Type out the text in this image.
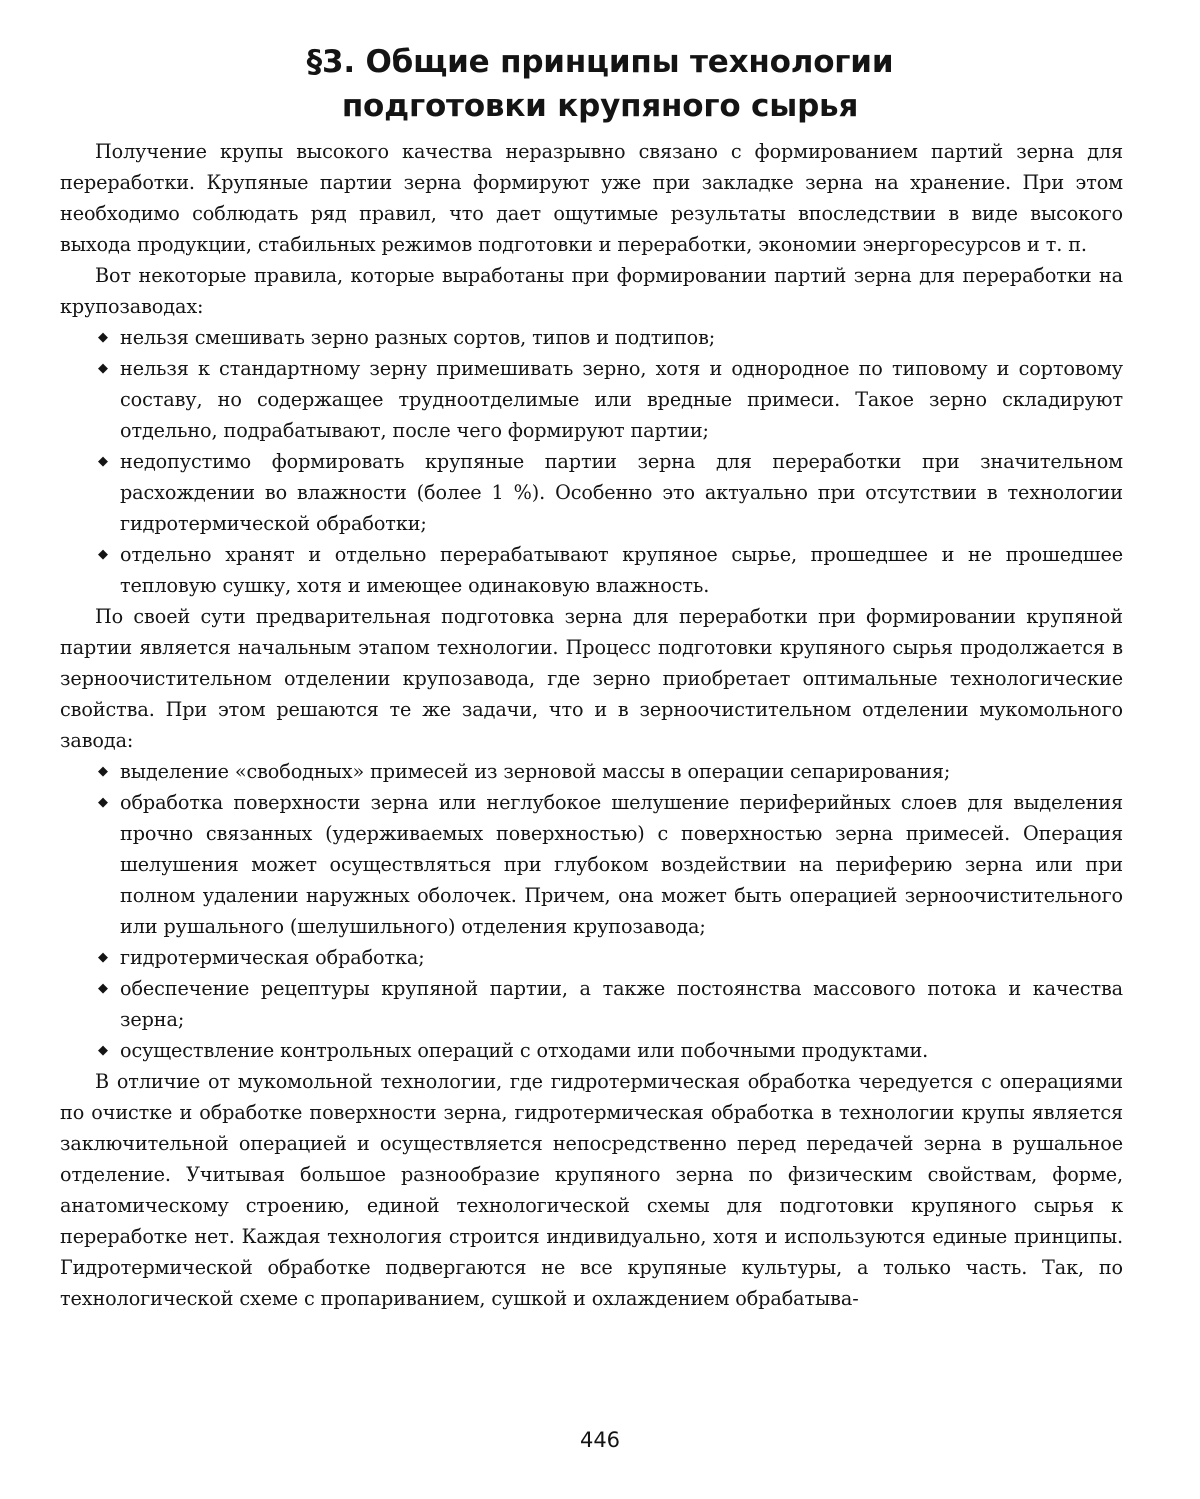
§3. Общие принципы технологии
подготовки крупяного сырья

Получение крупы высокого качества неразрывно связано с формированием партий зерна для переработки. Крупяные партии зерна формируют уже при закладке зерна на хранение. При этом необходимо соблюдать ряд правил, что дает ощутимые результаты впоследствии в виде высокого выхода продукции, стабильных режимов подготовки и переработки, экономии энергоресурсов и т. п.

Вот некоторые правила, которые выработаны при формировании партий зерна для переработки на крупозаводах:

◆ нельзя смешивать зерно разных сортов, типов и подтипов;
◆ нельзя к стандартному зерну примешивать зерно, хотя и однородное по типовому и сортовому составу, но содержащее трудноотделимые или вредные примеси. Такое зерно складируют отдельно, подрабатывают, после чего формируют партии;
◆ недопустимо формировать крупяные партии зерна для переработки при значительном расхождении во влажности (более 1 %). Особенно это актуально при отсутствии в технологии гидротермической обработки;
◆ отдельно хранят и отдельно перерабатывают крупяное сырье, прошедшее и не прошедшее тепловую сушку, хотя и имеющее одинаковую влажность.

По своей сути предварительная подготовка зерна для переработки при формировании крупяной партии является начальным этапом технологии. Процесс подготовки крупяного сырья продолжается в зерноочистительном отделении крупозавода, где зерно приобретает оптимальные технологические свойства. При этом решаются те же задачи, что и в зерноочистительном отделении мукомольного завода:

◆ выделение «свободных» примесей из зерновой массы в операции сепарирования;
◆ обработка поверхности зерна или неглубокое шелушение периферийных слоев для выделения прочно связанных (удерживаемых поверхностью) с поверхностью зерна примесей. Операция шелушения может осуществляться при глубоком воздействии на периферию зерна или при полном удалении наружных оболочек. Причем, она может быть операцией зерноочистительного или рушального (шелушильного) отделения крупозавода;
◆ гидротермическая обработка;
◆ обеспечение рецептуры крупяной партии, а также постоянства массового потока и качества зерна;
◆ осуществление контрольных операций с отходами или побочными продуктами.

В отличие от мукомольной технологии, где гидротермическая обработка чередуется с операциями по очистке и обработке поверхности зерна, гидротермическая обработка в технологии крупы является заключительной операцией и осуществляется непосредственно перед передачей зерна в рушальное отделение. Учитывая большое разнообразие крупяного зерна по физическим свойствам, форме, анатомическому строению, единой технологической схемы для подготовки крупяного сырья к переработке нет. Каждая технология строится индивидуально, хотя и используются единые принципы. Гидротермической обработке подвергаются не все крупяные культуры, а только часть. Так, по технологической схеме с пропариванием, сушкой и охлаждением обрабатыва-

446
